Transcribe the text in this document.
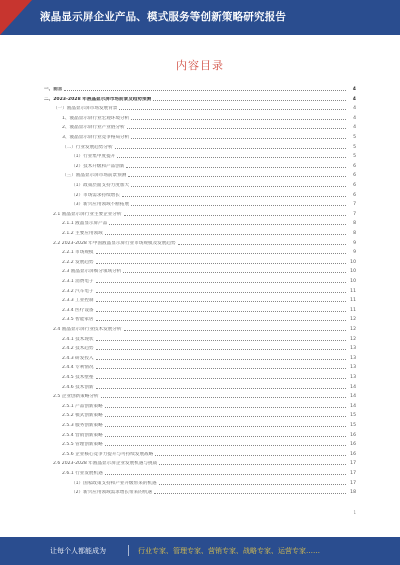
液晶显示屏企业产品、模式服务等创新策略研究报告
内容目录
一、前言	4
二、2023-2028 年液晶显示屏市场前景及趋势预测	4
（一）液晶显示屏市场发展背景	4
1、液晶显示屏行业宏观环境分析	4
2、液晶显示屏行业产业链分析	4
3、液晶显示屏行业竞争格局分析	5
（二）行业发展趋势分析	5
（1）行业集中度提升	5
（2）技术升级和产品创新	6
（三）液晶显示屏市场前景预测	6
（1）政策层面支持力度加大	6
（2）市场需求持续增长	6
（3）新兴应用领域不断拓展	7
2.1 液晶显示屏行业主要企业分析	7
2.1.1 液晶显示屏产品	8
2.1.2 主要应用领域	8
2.2 2023-2028 年中国液晶显示屏行业市场规模及发展趋势	9
2.2.1 市场规模	9
2.2.2 发展趋势	10
2.3 液晶显示屏细分领域分析	10
2.3.1 消费电子	10
2.3.2 汽车电子	11
2.3.3 工业控制	11
2.3.4 医疗设备	11
2.3.5 智能家居	12
2.4 液晶显示屏行业技术发展分析	12
2.4.1 技术现状	12
2.4.2 技术趋势	13
2.4.3 研发投入	13
2.4.4 专利情况	13
2.4.5 技术壁垒	13
2.4.6 技术创新	14
2.5 企业创新策略分析	14
2.5.1 产品创新策略	14
2.5.2 模式创新策略	15
2.5.3 服务创新策略	15
2.5.4 营销创新策略	16
2.5.5 管理创新策略	16
2.5.6 企业核心竞争力提升与可持续发展战略	16
2.6 2023-2028 年液晶显示屏企业发展机遇与挑战	17
2.6.1 行业发展机遇	17
（1）国家政策支持和产业升级带来的机遇	17
（2）新兴应用领域需求增长带来的机遇	18
1
让每个人都能成为	行业专家、管理专家、营销专家、战略专家、运营专家……
